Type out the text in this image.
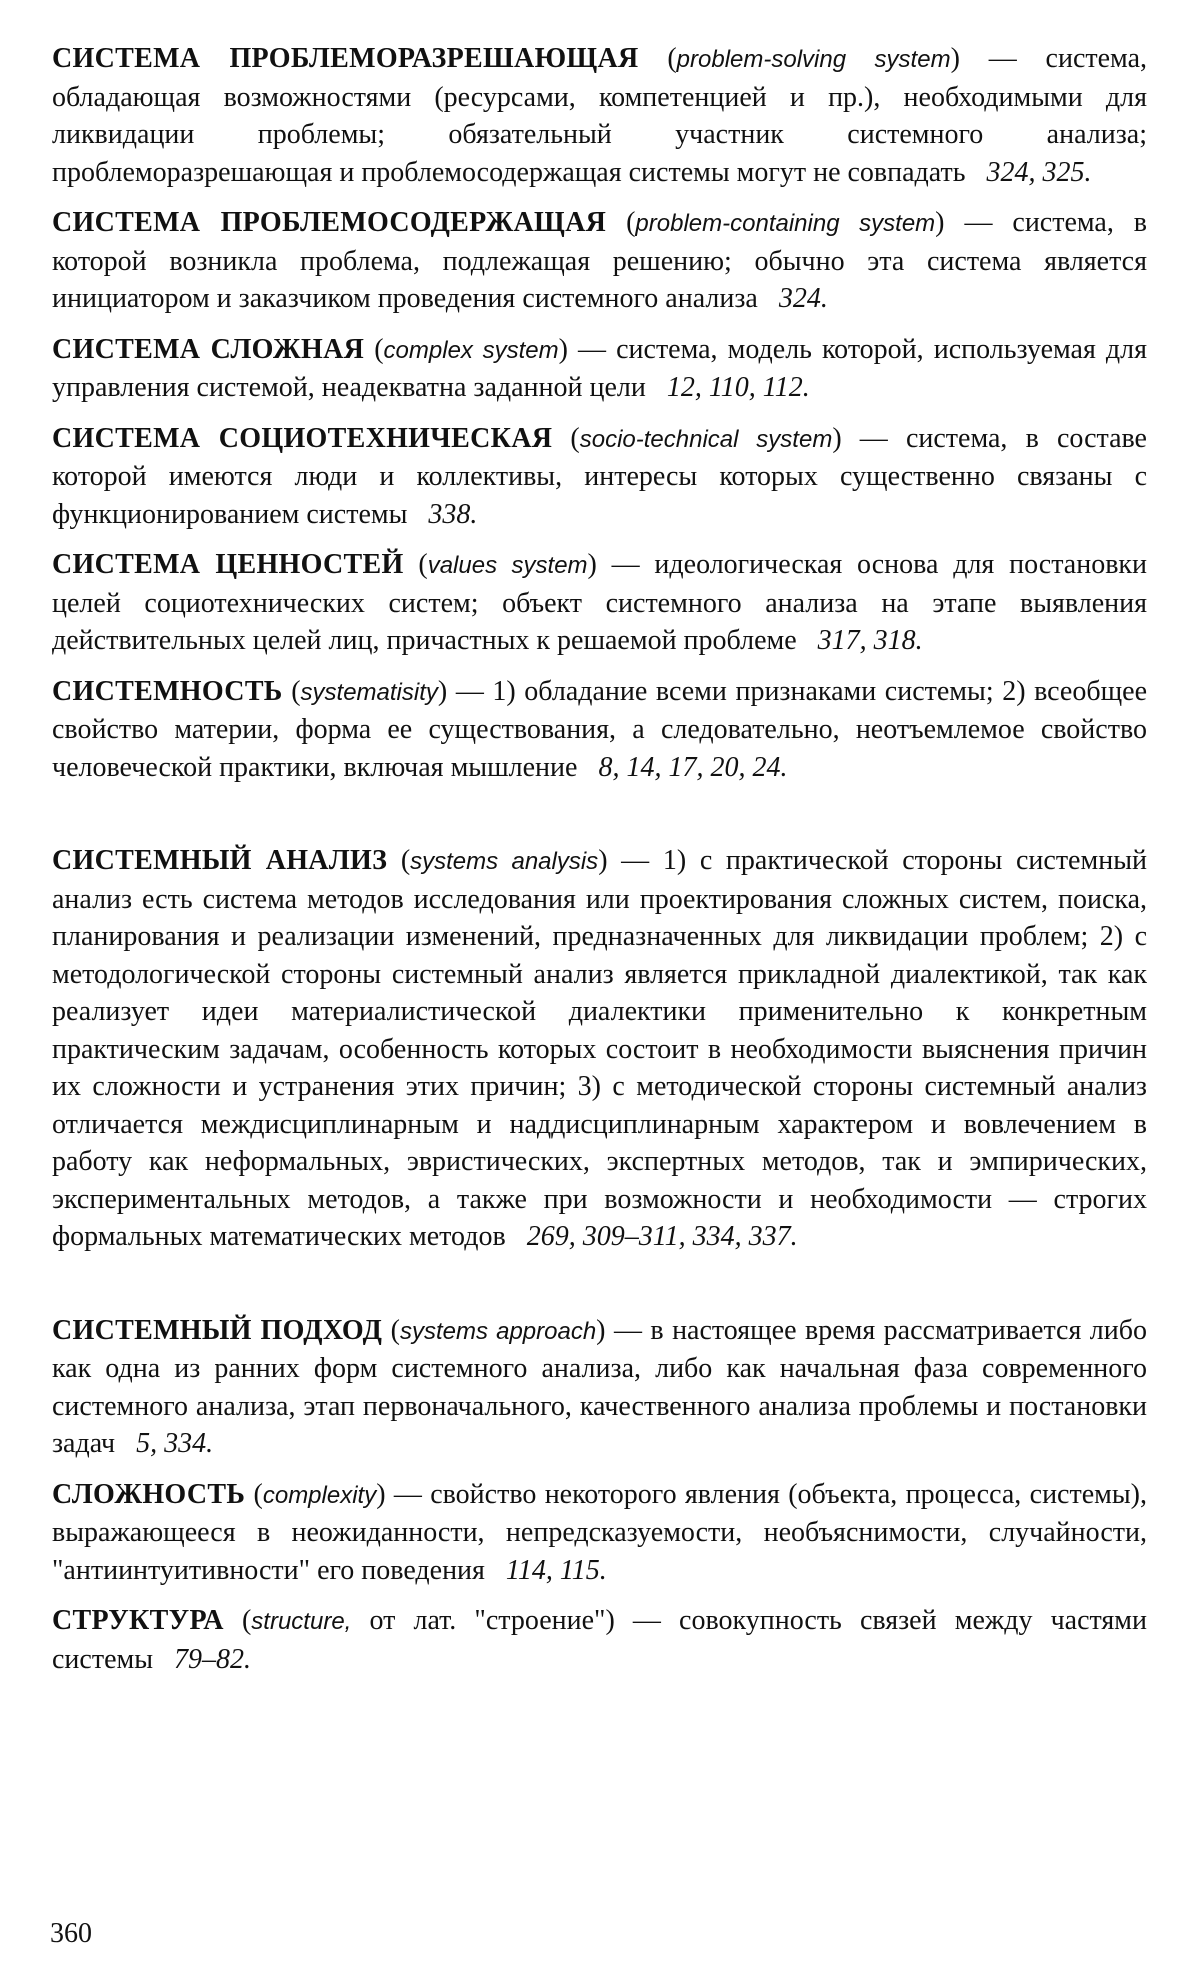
СИСТЕМА ПРОБЛЕМОРАЗРЕШАЮЩАЯ (problem-solving system) — система, обладающая возможностями (ресурсами, компетенцией и пр.), необходимыми для ликвидации проблемы; обязательный участник системного анализа; проблеморазрешающая и проблемосодержащая системы могут не совпадать 324, 325.

СИСТЕМА ПРОБЛЕМОСОДЕРЖАЩАЯ (problem-containing system) — система, в которой возникла проблема, подлежащая решению; обычно эта система является инициатором и заказчиком проведения системного анализа 324.

СИСТЕМА СЛОЖНАЯ (complex system) — система, модель которой, используемая для управления системой, неадекватна заданной цели 12, 110, 112.

СИСТЕМА СОЦИОТЕХНИЧЕСКАЯ (socio-technical system) — система, в составе которой имеются люди и коллективы, интересы которых существенно связаны с функционированием системы 338.

СИСТЕМА ЦЕННОСТЕЙ (values system) — идеологическая основа для постановки целей социотехнических систем; объект системного анализа на этапе выявления действительных целей лиц, причастных к решаемой проблеме 317, 318.

СИСТЕМНОСТЬ (systematisity) — 1) обладание всеми признаками системы; 2) всеобщее свойство материи, форма ее существования, а следовательно, неотъемлемое свойство человеческой практики, включая мышление 8, 14, 17, 20, 24.

СИСТЕМНЫЙ АНАЛИЗ (systems analysis) — 1) с практической стороны системный анализ есть система методов исследования или проектирования сложных систем, поиска, планирования и реализации изменений, предназначенных для ликвидации проблем; 2) с методологической стороны системный анализ является прикладной диалектикой, так как реализует идеи материалистической диалектики применительно к конкретным практическим задачам, особенность которых состоит в необходимости выяснения причин их сложности и устранения этих причин; 3) с методической стороны системный анализ отличается междисциплинарным и наддисциплинарным характером и вовлечением в работу как неформальных, эвристических, экспертных методов, так и эмпирических, экспериментальных методов, а также при возможности и необходимости — строгих формальных математических методов 269, 309–311, 334, 337.

СИСТЕМНЫЙ ПОДХОД (systems approach) — в настоящее время рассматривается либо как одна из ранних форм системного анализа, либо как начальная фаза современного системного анализа, этап первоначального, качественного анализа проблемы и постановки задач 5, 334.

СЛОЖНОСТЬ (complexity) — свойство некоторого явления (объекта, процесса, системы), выражающееся в неожиданности, непредсказуемости, необъяснимости, случайности, "антиинтуитивности" его поведения 114, 115.

СТРУКТУРА (structure, от лат. "строение") — совокупность связей между частями системы 79–82.

360
